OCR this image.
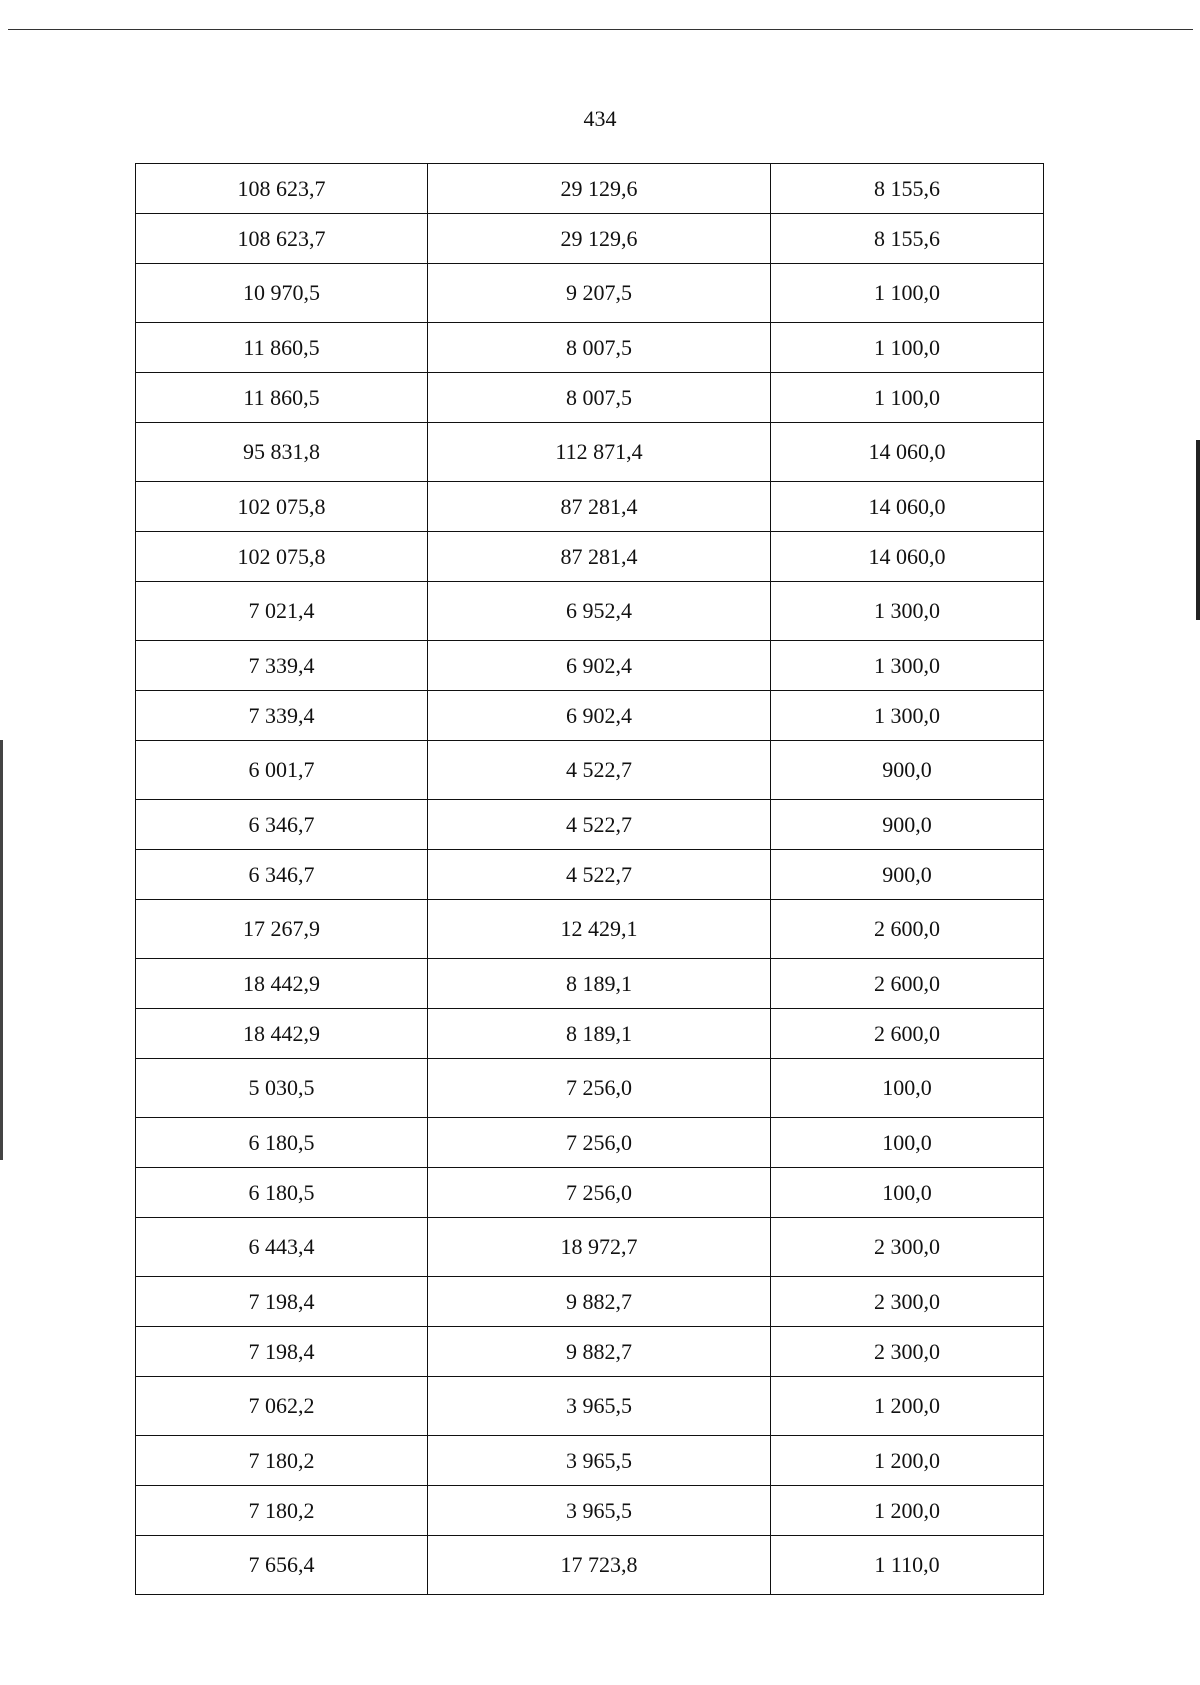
434
108 623,7	29 129,6	8 155,6
108 623,7	29 129,6	8 155,6
10 970,5	9 207,5	1 100,0
11 860,5	8 007,5	1 100,0
11 860,5	8 007,5	1 100,0
95 831,8	112 871,4	14 060,0
102 075,8	87 281,4	14 060,0
102 075,8	87 281,4	14 060,0
7 021,4	6 952,4	1 300,0
7 339,4	6 902,4	1 300,0
7 339,4	6 902,4	1 300,0
6 001,7	4 522,7	900,0
6 346,7	4 522,7	900,0
6 346,7	4 522,7	900,0
17 267,9	12 429,1	2 600,0
18 442,9	8 189,1	2 600,0
18 442,9	8 189,1	2 600,0
5 030,5	7 256,0	100,0
6 180,5	7 256,0	100,0
6 180,5	7 256,0	100,0
6 443,4	18 972,7	2 300,0
7 198,4	9 882,7	2 300,0
7 198,4	9 882,7	2 300,0
7 062,2	3 965,5	1 200,0
7 180,2	3 965,5	1 200,0
7 180,2	3 965,5	1 200,0
7 656,4	17 723,8	1 110,0
